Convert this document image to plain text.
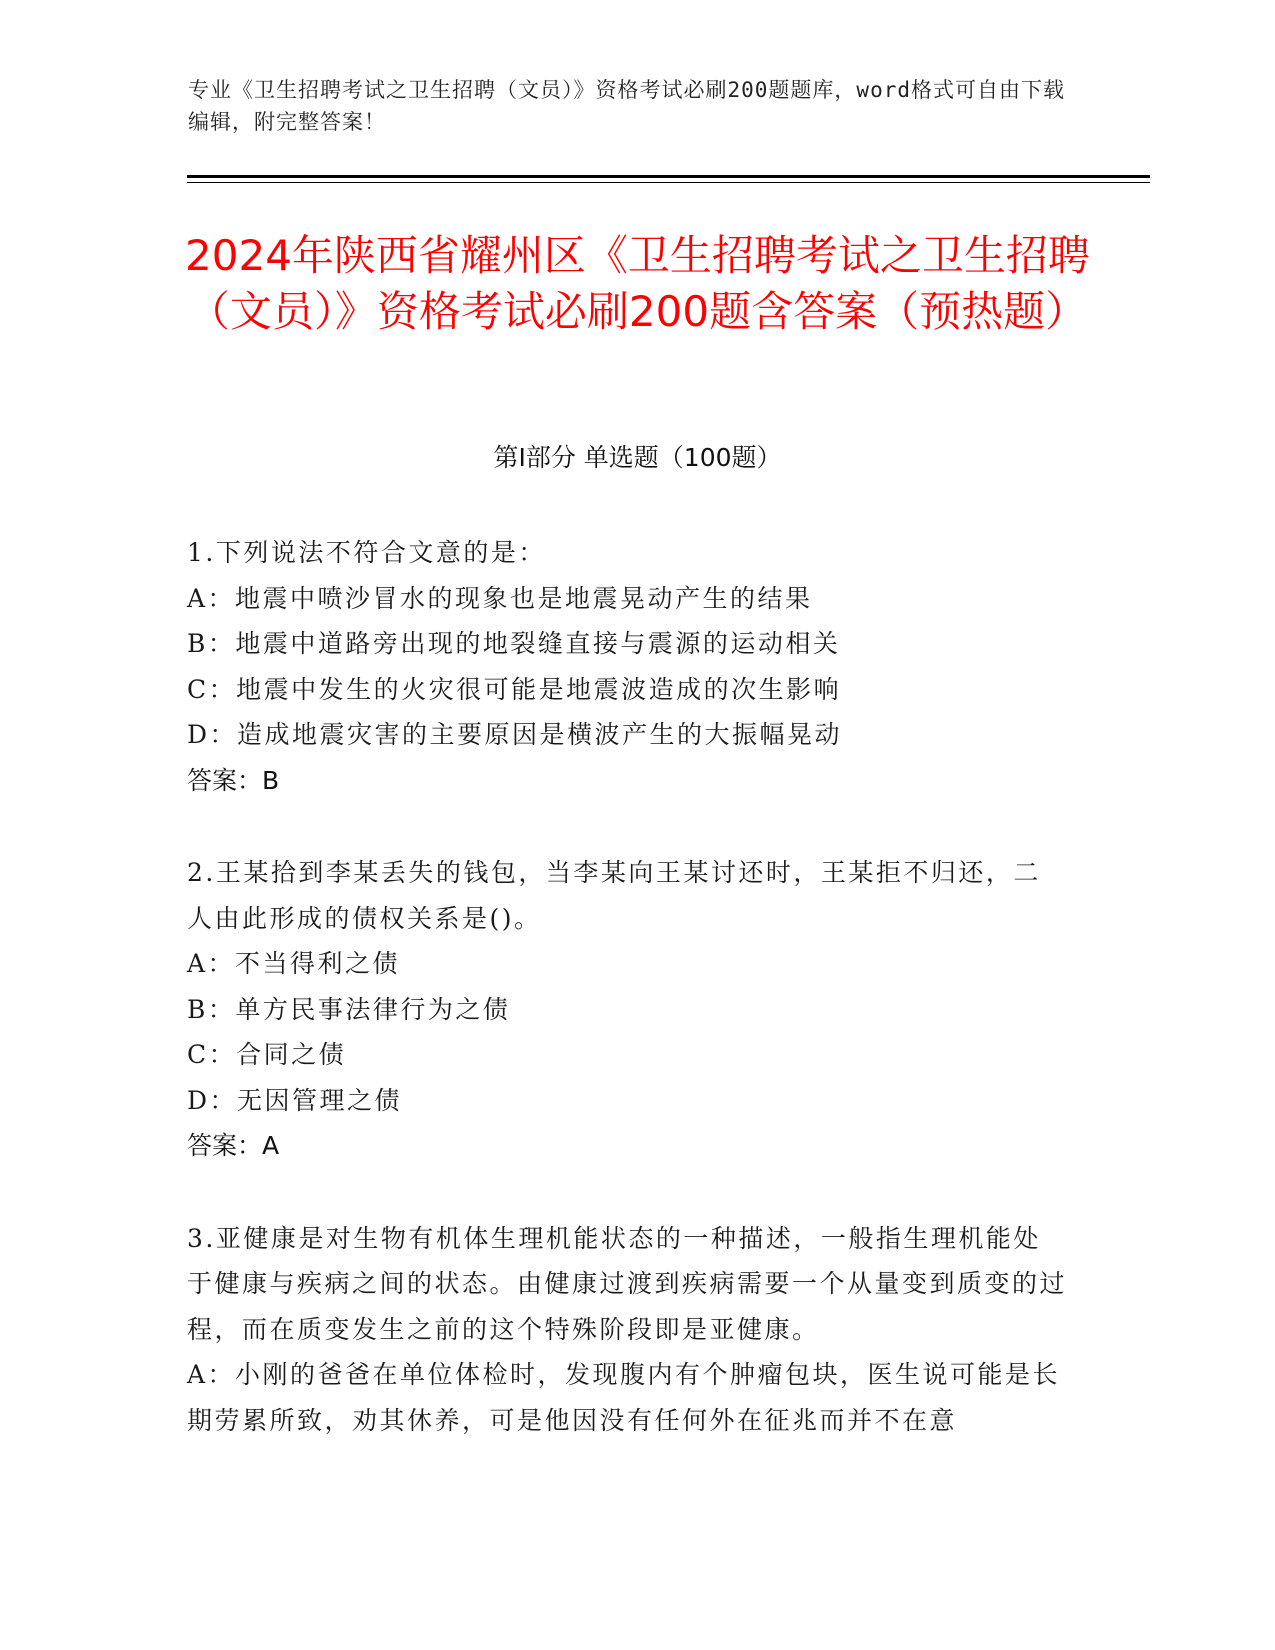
专业《卫生招聘考试之卫生招聘（文员）》资格考试必刷200题题库，word格式可自由下载编辑，附完整答案！
2024年陕西省耀州区《卫生招聘考试之卫生招聘（文员）》资格考试必刷200题含答案（预热题）
第Ⅰ部分 单选题（100题）

1.下列说法不符合文意的是：

A：地震中喷沙冒水的现象也是地震晃动产生的结果

B：地震中道路旁出现的地裂缝直接与震源的运动相关

C：地震中发生的火灾很可能是地震波造成的次生影响

D：造成地震灾害的主要原因是横波产生的大振幅晃动

答案：B

2.王某拾到李某丢失的钱包，当李某向王某讨还时，王某拒不归还，二人由此形成的债权关系是()。

A：不当得利之债

B：单方民事法律行为之债

C：合同之债

D：无因管理之债

答案：A

3.亚健康是对生物有机体生理机能状态的一种描述，一般指生理机能处于健康与疾病之间的状态。由健康过渡到疾病需要一个从量变到质变的过程，而在质变发生之前的这个特殊阶段即是亚健康。

A：小刚的爸爸在单位体检时，发现腹内有个肿瘤包块，医生说可能是长期劳累所致，劝其休养，可是他因没有任何外在征兆而并不在意
